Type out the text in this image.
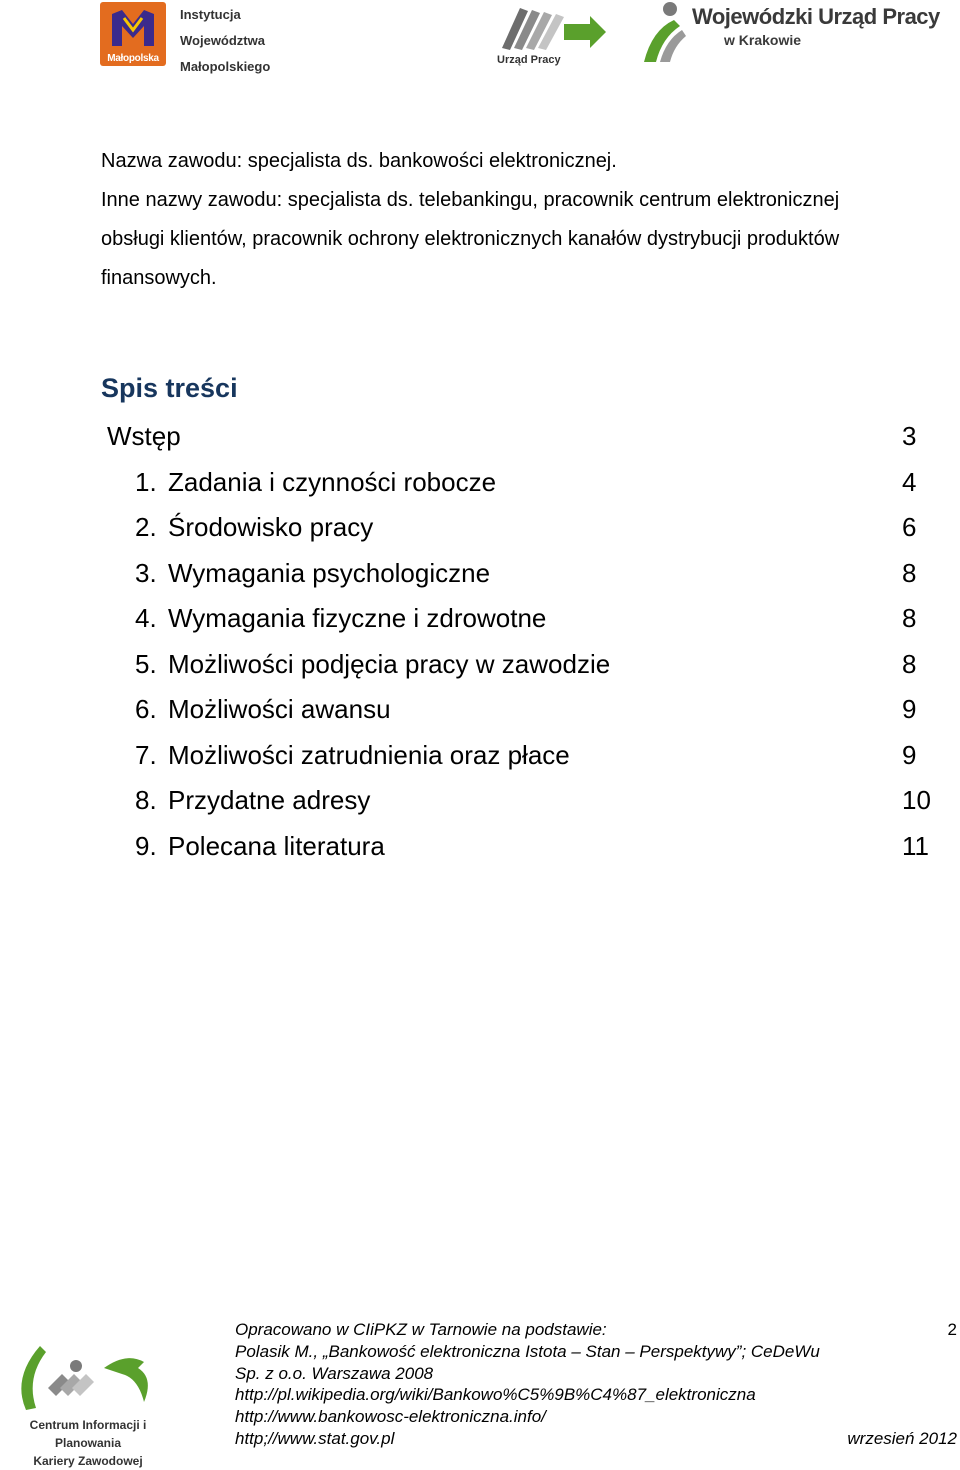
Małopolska
Instytucja
Województwa
Małopolskiego	Urząd Pracy
Wojewódzki Urząd Pracy
w Krakowie

Nazwa zawodu: specjalista ds. bankowości elektronicznej.

Inne nazwy zawodu: specjalista ds. telebankingu, pracownik centrum elektronicznej

obsługi klientów, pracownik ochrony elektronicznych kanałów dystrybucji produktów

finansowych.

Spis treści
Wstęp	3
1. Zadania i czynności robocze	4
2. Środowisko pracy	6
3. Wymagania psychologiczne	8
4. Wymagania fizyczne i zdrowotne	8
5. Możliwości podjęcia pracy w zawodzie	8
6. Możliwości awansu	9
7. Możliwości zatrudnienia oraz płace	9
8. Przydatne adresy	10
9. Polecana literatura	11
Centrum Informacji i Planowania
Kariery Zawodowej

Opracowano w CIiPKZ w Tarnowie na podstawie:

Polasik M., „Bankowość elektroniczna Istota – Stan – Perspektywy”; CeDeWu

Sp. z o.o. Warszawa 2008

http://pl.wikipedia.org/wiki/Bankowo%C5%9B%C4%87_elektroniczna

http://www.bankowosc-elektroniczna.info/

http;//www.stat.gov.pl

2
wrzesień 2012
